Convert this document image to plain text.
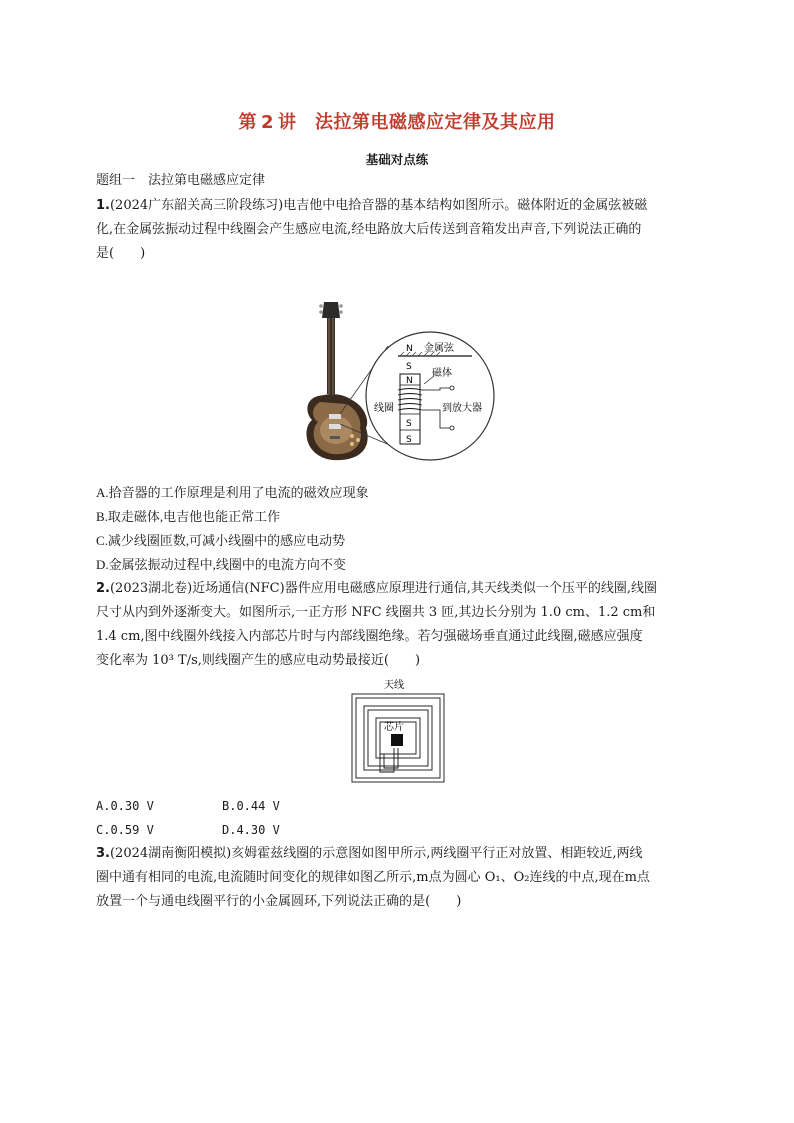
第 2 讲　 法拉第电磁感应定律及其应用
基础对点练
题组一　法拉第电磁感应定律
1.(2024广东韶关高三阶段练习)电吉他中电拾音器的基本结构如图所示。磁体附近的金属弦被磁
化,在金属弦振动过程中线圈会产生感应电流,经电路放大后传送到音箱发出声音,下列说法正确的
是(　　)
N 金属弦
S
N
S
S
磁体
线圈	到放大器
A.拾音器的工作原理是利用了电流的磁效应现象
B.取走磁体,电吉他也能正常工作
C.减少线圈匝数,可减小线圈中的感应电动势
D.金属弦振动过程中,线圈中的电流方向不变
2.(2023湖北卷)近场通信(NFC)器件应用电磁感应原理进行通信,其天线类似一个压平的线圈,线圈
尺寸从内到外逐渐变大。如图所示,一正方形 NFC 线圈共 3 匝,其边长分别为 1.0 cm、1.2 cm和
1.4 cm,图中线圈外线接入内部芯片时与内部线圈绝缘。若匀强磁场垂直通过此线圈,磁感应强度
变化率为 10³ T/s,则线圈产生的感应电动势最接近(　　)
天线
芯片
A.0.30 V	B.0.44 V
C.0.59 V	D.4.30 V
3.(2024湖南衡阳模拟)亥姆霍兹线圈的示意图如图甲所示,两线圈平行正对放置、相距较近,两线
圈中通有相同的电流,电流随时间变化的规律如图乙所示,m点为圆心 O₁、O₂连线的中点,现在m点
放置一个与通电线圈平行的小金属圆环,下列说法正确的是(　　)
